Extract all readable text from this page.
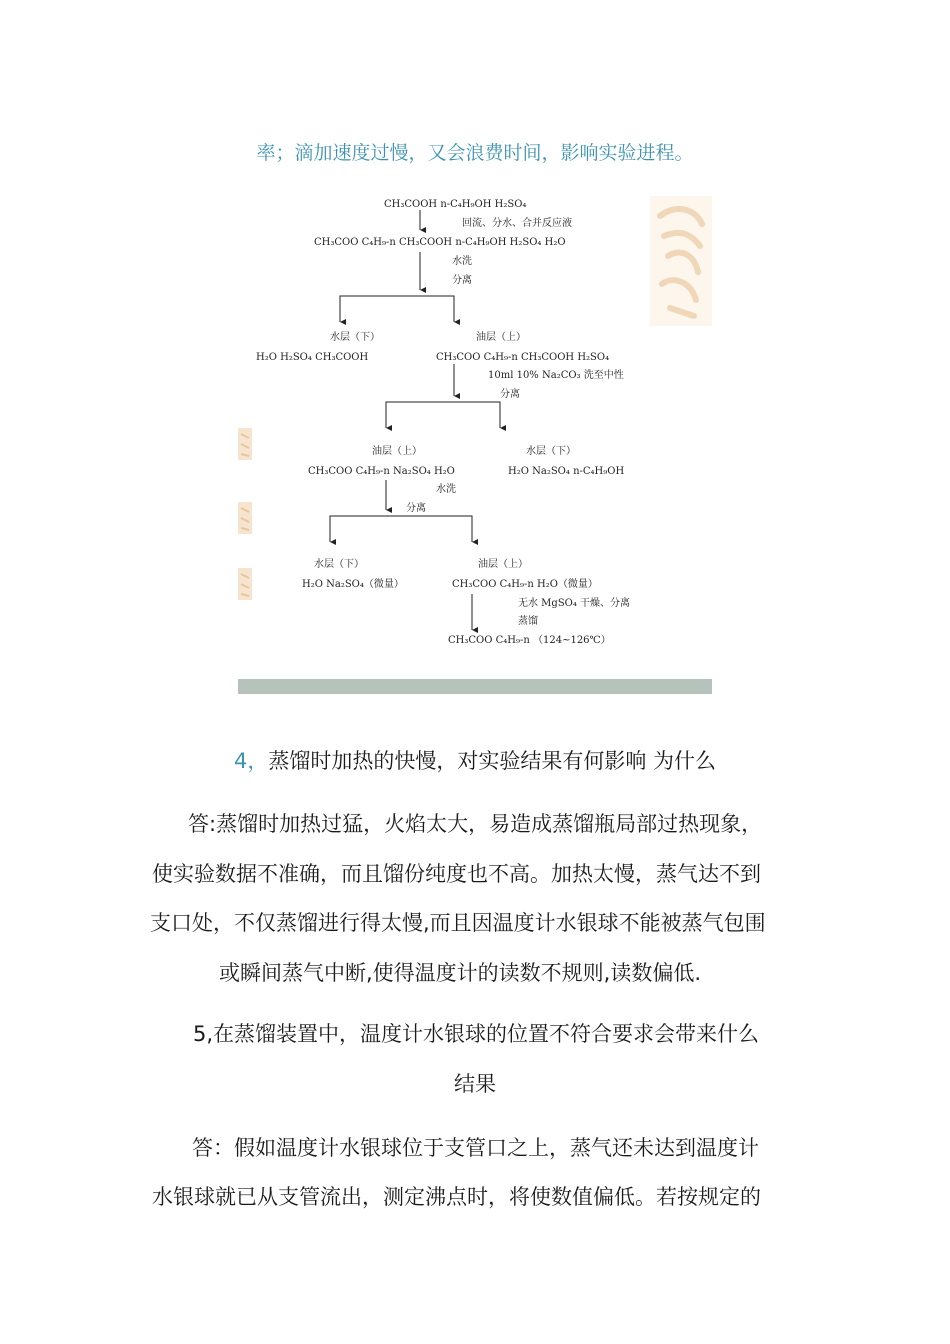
率；滴加速度过慢，又会浪费时间，影响实验进程。
CH₃COOH n-C₄H₉OH H₂SO₄
回流、分水、合并反应液
CH₃COO C₄H₉-n CH₃COOH n-C₄H₉OH H₂SO₄ H₂O
水洗
分离
水层（下）
H₂O H₂SO₄ CH₃COOH
油层（上）
CH₃COO C₄H₉-n CH₃COOH H₂SO₄
10ml 10% Na₂CO₃ 洗至中性
分离
油层（上）
CH₃COO C₄H₉-n Na₂SO₄ H₂O
水层（下）
H₂O Na₂SO₄ n-C₄H₉OH
水洗
分离
水层（下）
H₂O Na₂SO₄（微量）
油层（上）
CH₃COO C₄H₉-n H₂O（微量）
无水 MgSO₄ 干燥、分离
蒸馏
CH₃COO C₄H₉-n （124~126℃）
4，蒸馏时加热的快慢，对实验结果有何影响 为什么
答:蒸馏时加热过猛，火焰太大，易造成蒸馏瓶局部过热现象，
使实验数据不准确，而且馏份纯度也不高。加热太慢，蒸气达不到
支口处，不仅蒸馏进行得太慢,而且因温度计水银球不能被蒸气包围
或瞬间蒸气中断,使得温度计的读数不规则,读数偏低.
5,在蒸馏装置中，温度计水银球的位置不符合要求会带来什么
结果
答：假如温度计水银球位于支管口之上，蒸气还未达到温度计
水银球就已从支管流出，测定沸点时，将使数值偏低。若按规定的
